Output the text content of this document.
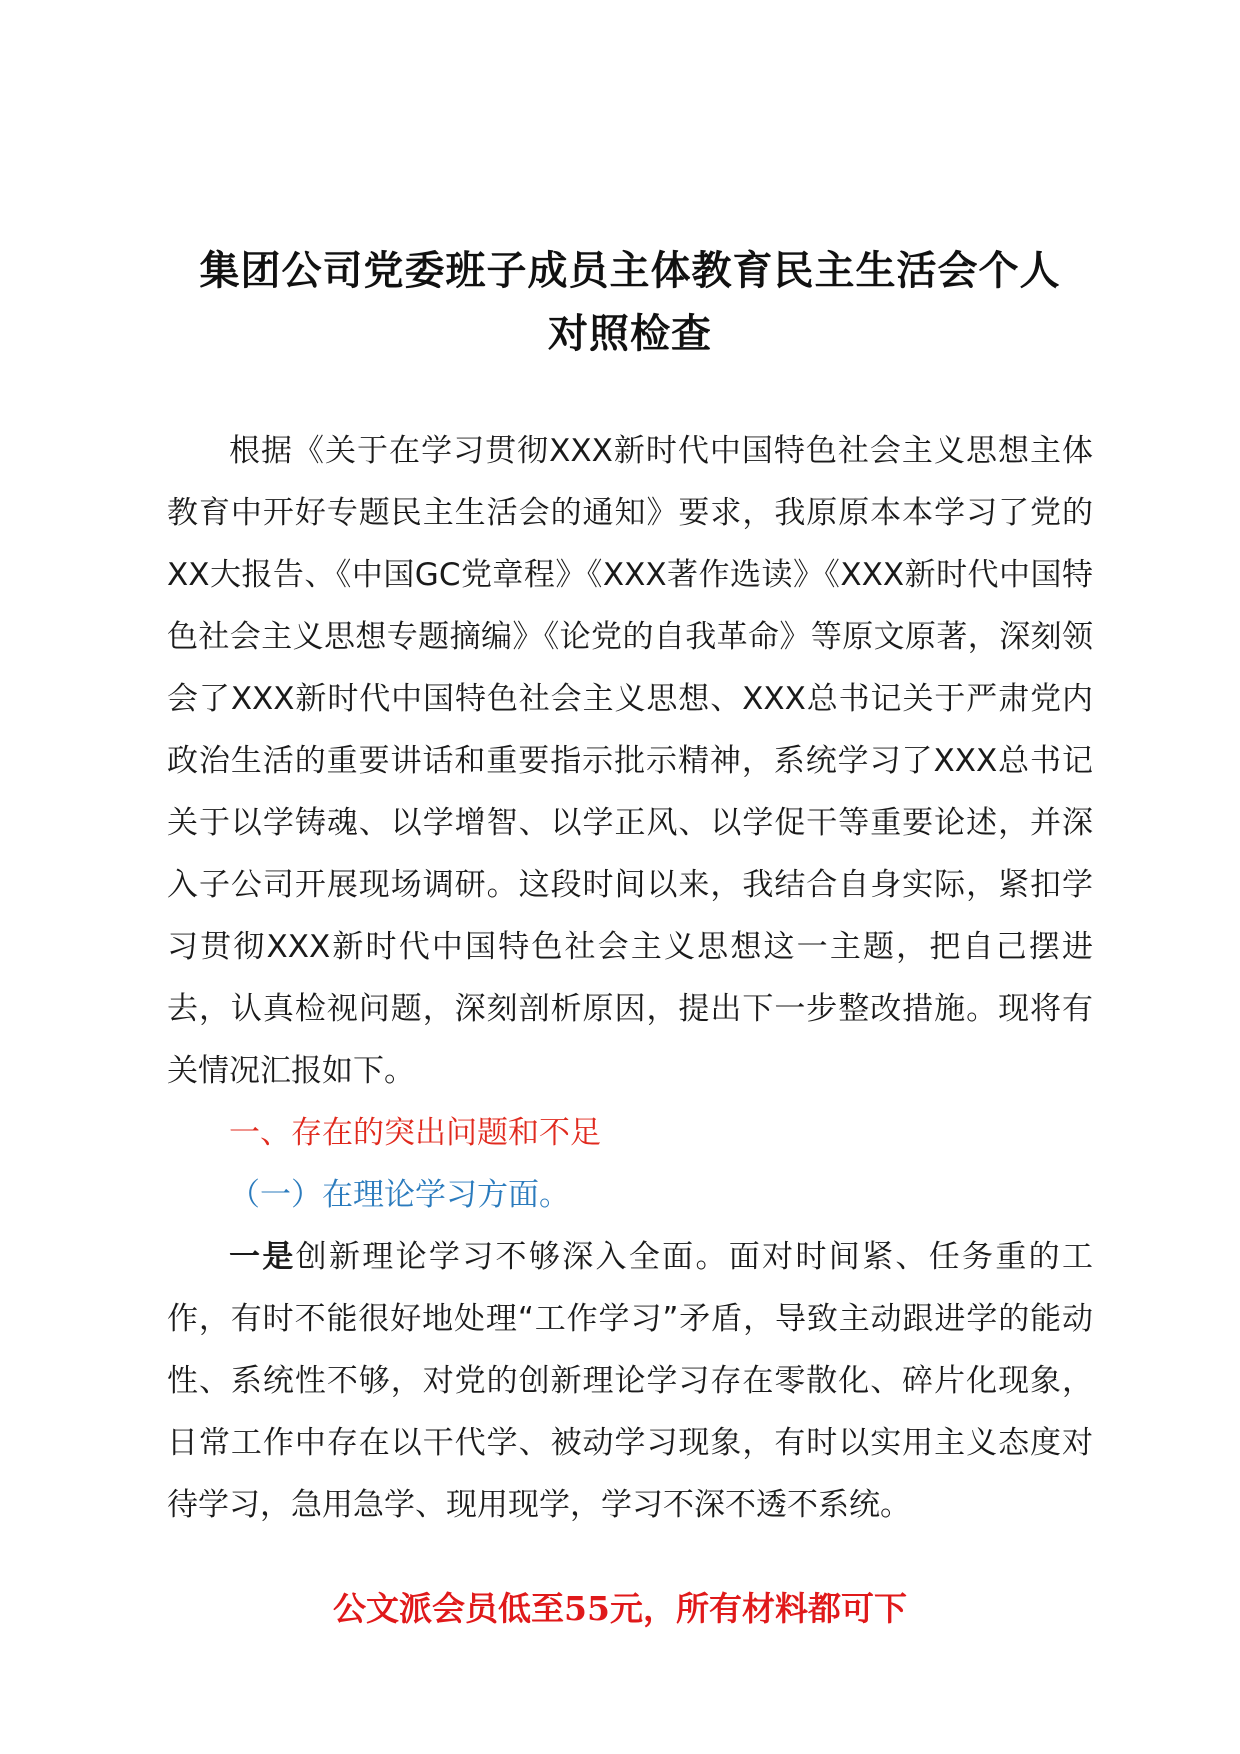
集团公司党委班子成员主体教育民主生活会个人
对照检查

根据《关于在学习贯彻XXX新时代中国特色社会主义思想主体教育中开好专题民主生活会的通知》要求，我原原本本学习了党的XX大报告、《中国GC党章程》《XXX著作选读》《XXX新时代中国特色社会主义思想专题摘编》《论党的自我革命》等原文原著，深刻领会了XXX新时代中国特色社会主义思想、XXX总书记关于严肃党内政治生活的重要讲话和重要指示批示精神，系统学习了XXX总书记关于以学铸魂、以学增智、以学正风、以学促干等重要论述，并深入子公司开展现场调研。这段时间以来，我结合自身实际，紧扣学习贯彻XXX新时代中国特色社会主义思想这一主题，把自己摆进去，认真检视问题，深刻剖析原因，提出下一步整改措施。现将有关情况汇报如下。

一、存在的突出问题和不足

（一）在理论学习方面。

一是创新理论学习不够深入全面。面对时间紧、任务重的工作，有时不能很好地处理“工作学习”矛盾，导致主动跟进学的能动性、系统性不够，对党的创新理论学习存在零散化、碎片化现象，日常工作中存在以干代学、被动学习现象，有时以实用主义态度对待学习，急用急学、现用现学，学习不深不透不系统。

公文派会员低至55元，所有材料都可下
